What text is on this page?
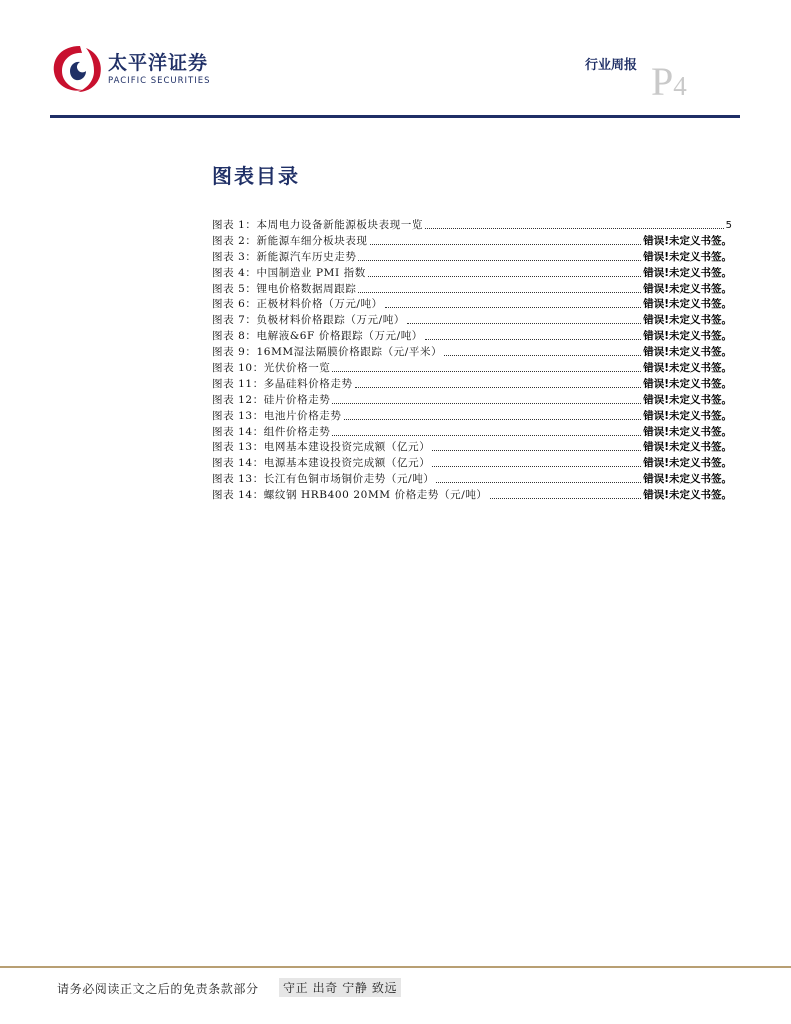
太平洋证券
PACIFIC SECURITIES
行业周报 P4
图表目录
图表 1：本周电力设备新能源板块表现一览	5
图表 2：新能源车细分板块表现	错误!未定义书签。
图表 3：新能源汽车历史走势	错误!未定义书签。
图表 4：中国制造业 PMI 指数	错误!未定义书签。
图表 5：锂电价格数据周跟踪	错误!未定义书签。
图表 6：正极材料价格（万元/吨）	错误!未定义书签。
图表 7：负极材料价格跟踪（万元/吨）	错误!未定义书签。
图表 8：电解液&6F 价格跟踪（万元/吨）	错误!未定义书签。
图表 9：16MM湿法隔膜价格跟踪（元/平米）	错误!未定义书签。
图表 10：光伏价格一览	错误!未定义书签。
图表 11：多晶硅料价格走势	错误!未定义书签。
图表 12：硅片价格走势	错误!未定义书签。
图表 13：电池片价格走势	错误!未定义书签。
图表 14：组件价格走势	错误!未定义书签。
图表 13：电网基本建设投资完成额（亿元）	错误!未定义书签。
图表 14：电源基本建设投资完成额（亿元）	错误!未定义书签。
图表 13：长江有色铜市场铜价走势（元/吨）	错误!未定义书签。
图表 14：螺纹钢 HRB400 20MM 价格走势（元/吨）	错误!未定义书签。
请务必阅读正文之后的免责条款部分	守正 出奇 宁静 致远
